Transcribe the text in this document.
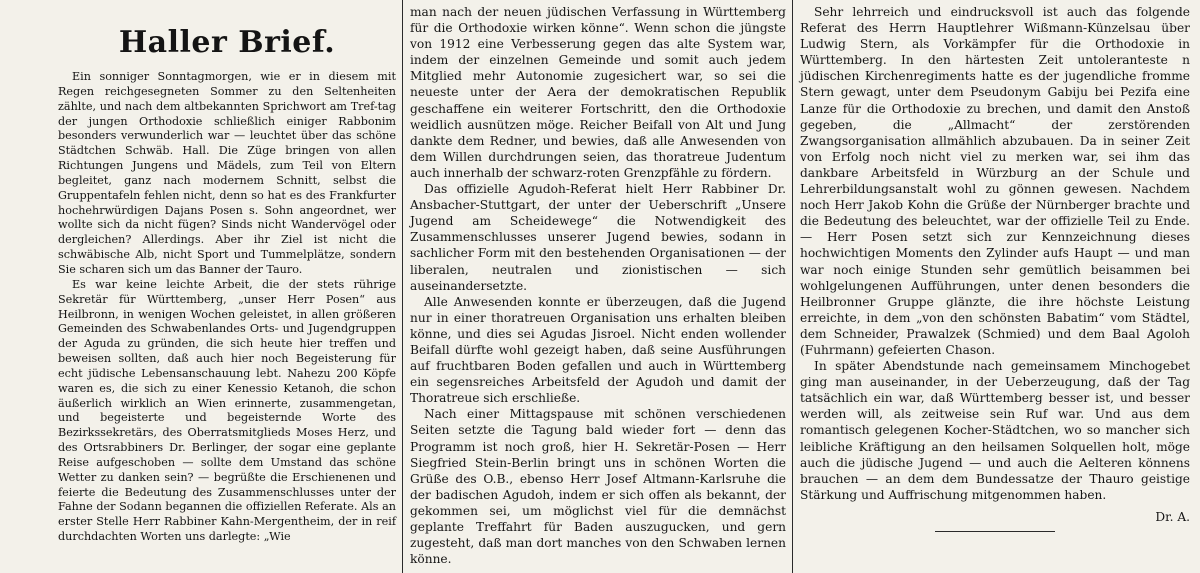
Haller Brief.

Ein sonniger Sonntagmorgen, wie er in diesem mit Regen reichgesegneten Sommer zu den Seltenheiten zählte, und nach dem altbekannten Sprichwort am Tref-tag der jungen Orthodoxie schließlich einiger Rabbonim besonders verwunderlich war — leuchtet über das schöne Städtchen Schwäb. Hall. Die Züge bringen von allen Richtungen Jungens und Mädels, zum Teil von Eltern begleitet, ganz nach modernem Schnitt, selbst die Gruppentafeln fehlen nicht, denn so hat es des Frankfurter hochehrwürdigen Dajans Posen s. Sohn angeordnet, wer wollte sich da nicht fügen? Sinds nicht Wandervögel oder dergleichen? Allerdings. Aber ihr Ziel ist nicht die schwäbische Alb, nicht Sport und Tummelplätze, sondern Sie scharen sich um das Banner der Tauro.

Es war keine leichte Arbeit, die der stets rührige Sekretär für Württemberg, „unser Herr Posen“ aus Heilbronn, in wenigen Wochen geleistet, in allen größeren Gemeinden des Schwabenlandes Orts- und Jugendgruppen der Aguda zu gründen, die sich heute hier treffen und beweisen sollten, daß auch hier noch Begeisterung für echt jüdische Lebensanschauung lebt. Nahezu 200 Köpfe waren es, die sich zu einer Kenessio Ketanoh, die schon äußerlich wirklich an Wien erinnerte, zusammengetan, und begeisterte und begeisternde Worte des Bezirkssekretärs, des Oberratsmitglieds Moses Herz, und des Ortsrabbiners Dr. Berlinger, der sogar eine geplante Reise aufgeschoben — sollte dem Umstand das schöne Wetter zu danken sein? — begrüßte die Erschienenen und feierte die Bedeutung des Zusammenschlusses unter der Fahne der Sodann begannen die offiziellen Referate. Als an erster Stelle Herr Rabbiner Kahn-Mergentheim, der in reif durchdachten Worten uns darlegte: „Wie

man nach der neuen jüdischen Verfassung in Württemberg für die Orthodoxie wirken könne“. Wenn schon die jüngste von 1912 eine Verbesserung gegen das alte System war, indem der einzelnen Gemeinde und somit auch jedem Mitglied mehr Autonomie zugesichert war, so sei die neueste unter der Aera der demokratischen Republik geschaffene ein weiterer Fortschritt, den die Orthodoxie weidlich ausnützen möge. Reicher Beifall von Alt und Jung dankte dem Redner, und bewies, daß alle Anwesenden von dem Willen durchdrungen seien, das thoratreue Judentum auch innerhalb der schwarz-roten Grenzpfähle zu fördern.

Das offizielle Agudoh-Referat hielt Herr Rabbiner Dr. Ansbacher-Stuttgart, der unter der Ueberschrift „Unsere Jugend am Scheidewege“ die Notwendigkeit des Zusammenschlusses unserer Jugend bewies, sodann in sachlicher Form mit den bestehenden Organisationen — der liberalen, neutralen und zionistischen — sich auseinandersetzte.

Alle Anwesenden konnte er überzeugen, daß die Jugend nur in einer thoratreuen Organisation uns erhalten bleiben könne, und dies sei Agudas Jisroel. Nicht enden wollender Beifall dürfte wohl gezeigt haben, daß seine Ausführungen auf fruchtbaren Boden gefallen und auch in Württemberg ein segensreiches Arbeitsfeld der Agudoh und damit der Thoratreue sich erschließe.

Nach einer Mittagspause mit schönen verschiedenen Seiten setzte die Tagung bald wieder fort — denn das Programm ist noch groß, hier H. Sekretär-Posen — Herr Siegfried Stein-Berlin bringt uns in schönen Worten die Grüße des O.B., ebenso Herr Josef Altmann-Karlsruhe die der badischen Agudoh, indem er sich offen als bekannt, der gekommen sei, um möglichst viel für die demnächst geplante Treffahrt für Baden auszugucken, und gern zugesteht, daß man dort manches von den Schwaben lernen könne.

Sehr lehrreich und eindrucksvoll ist auch das folgende Referat des Herrn Hauptlehrer Wißmann-Künzelsau über Ludwig Stern, als Vorkämpfer für die Orthodoxie in Württemberg. In den härtesten Zeit untoleranteste n jüdischen Kirchenregiments hatte es der jugendliche fromme Stern gewagt, unter dem Pseudonym Gabiju bei Pezifa eine Lanze für die Orthodoxie zu brechen, und damit den Anstoß gegeben, die „Allmacht“ der zerstörenden Zwangsorganisation allmählich abzubauen. Da in seiner Zeit von Erfolg noch nicht viel zu merken war, sei ihm das dankbare Arbeitsfeld in Würzburg an der Schule und Lehrerbildungsanstalt wohl zu gönnen gewesen. Nachdem noch Herr Jakob Kohn die Grüße der Nürnberger brachte und die Bedeutung des beleuchtet, war der offizielle Teil zu Ende. — Herr Posen setzt sich zur Kennzeichnung dieses hochwichtigen Moments den Zylinder aufs Haupt — und man war noch einige Stunden sehr gemütlich beisammen bei wohlgelungenen Aufführungen, unter denen besonders die Heilbronner Gruppe glänzte, die ihre höchste Leistung erreichte, in dem „von den schönsten Babatim“ vom Städtel, dem Schneider, Prawalzek (Schmied) und dem Baal Agoloh (Fuhrmann) gefeierten Chason.

In später Abendstunde nach gemeinsamem Minchogebet ging man auseinander, in der Ueberzeugung, daß der Tag tatsächlich ein war, daß Württemberg besser ist, und besser werden will, als zeitweise sein Ruf war. Und aus dem romantisch gelegenen Kocher-Städtchen, wo so mancher sich leibliche Kräftigung an den heilsamen Solquellen holt, möge auch die jüdische Jugend — und auch die Aelteren könnens brauchen — an dem dem Bundessatze der Thauro geistige Stärkung und Auffrischung mitgenommen haben.

Dr. A.
